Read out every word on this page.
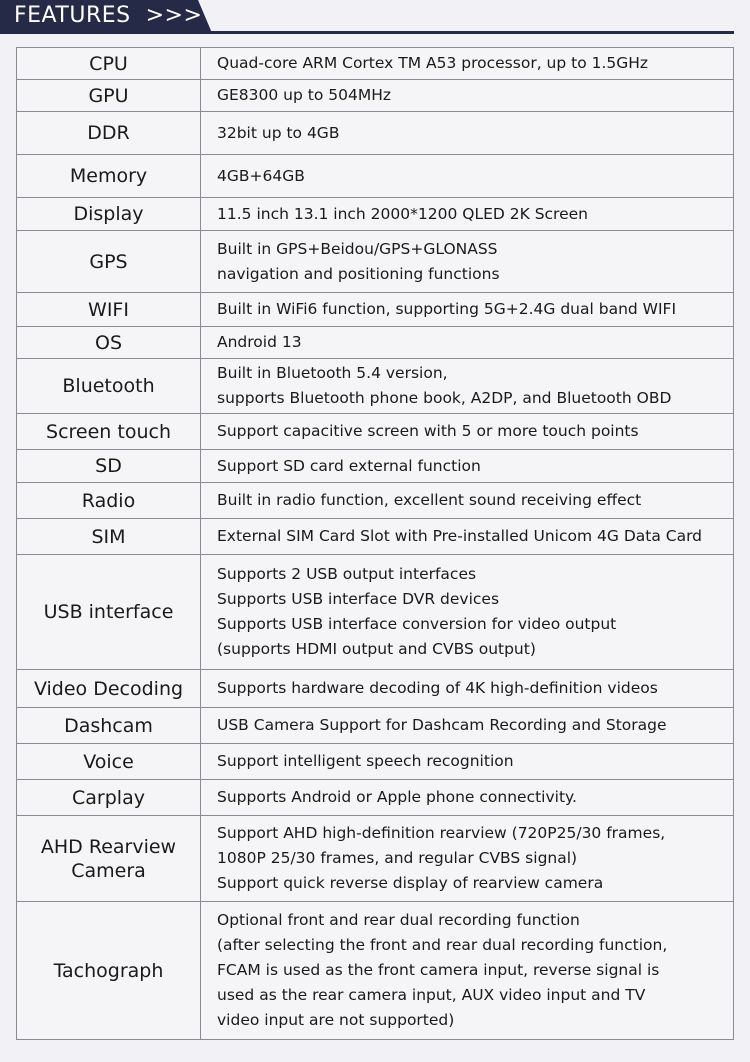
FEATURES  >>>
CPU	Quad-core ARM Cortex TM A53 processor, up to 1.5GHz

GPU	GE8300 up to 504MHz

DDR	32bit up to 4GB

Memory	4GB+64GB

Display	11.5 inch 13.1 inch 2000*1200 QLED 2K Screen

GPS	Built in GPS+Beidou/GPS+GLONASS
navigation and positioning functions

WIFI	Built in WiFi6 function, supporting 5G+2.4G dual band WIFI

OS	Android 13

Bluetooth	Built in Bluetooth 5.4 version,
supports Bluetooth phone book, A2DP, and Bluetooth OBD

Screen touch	Support capacitive screen with 5 or more touch points

SD	Support SD card external function

Radio	Built in radio function, excellent sound receiving effect

SIM	External SIM Card Slot with Pre-installed Unicom 4G Data Card

USB interface	Supports 2 USB output interfaces
Supports USB interface DVR devices
Supports USB interface conversion for video output
(supports HDMI output and CVBS output)

Video Decoding	Supports hardware decoding of 4K high-definition videos

Dashcam	USB Camera Support for Dashcam Recording and Storage

Voice	Support intelligent speech recognition

Carplay	Supports Android or Apple phone connectivity.

AHD Rearview
Camera	Support AHD high-definition rearview (720P25/30 frames,
1080P 25/30 frames, and regular CVBS signal)
Support quick reverse display of rearview camera

Tachograph	Optional front and rear dual recording function
(after selecting the front and rear dual recording function,
FCAM is used as the front camera input, reverse signal is
used as the rear camera input, AUX video input and TV
video input are not supported)
